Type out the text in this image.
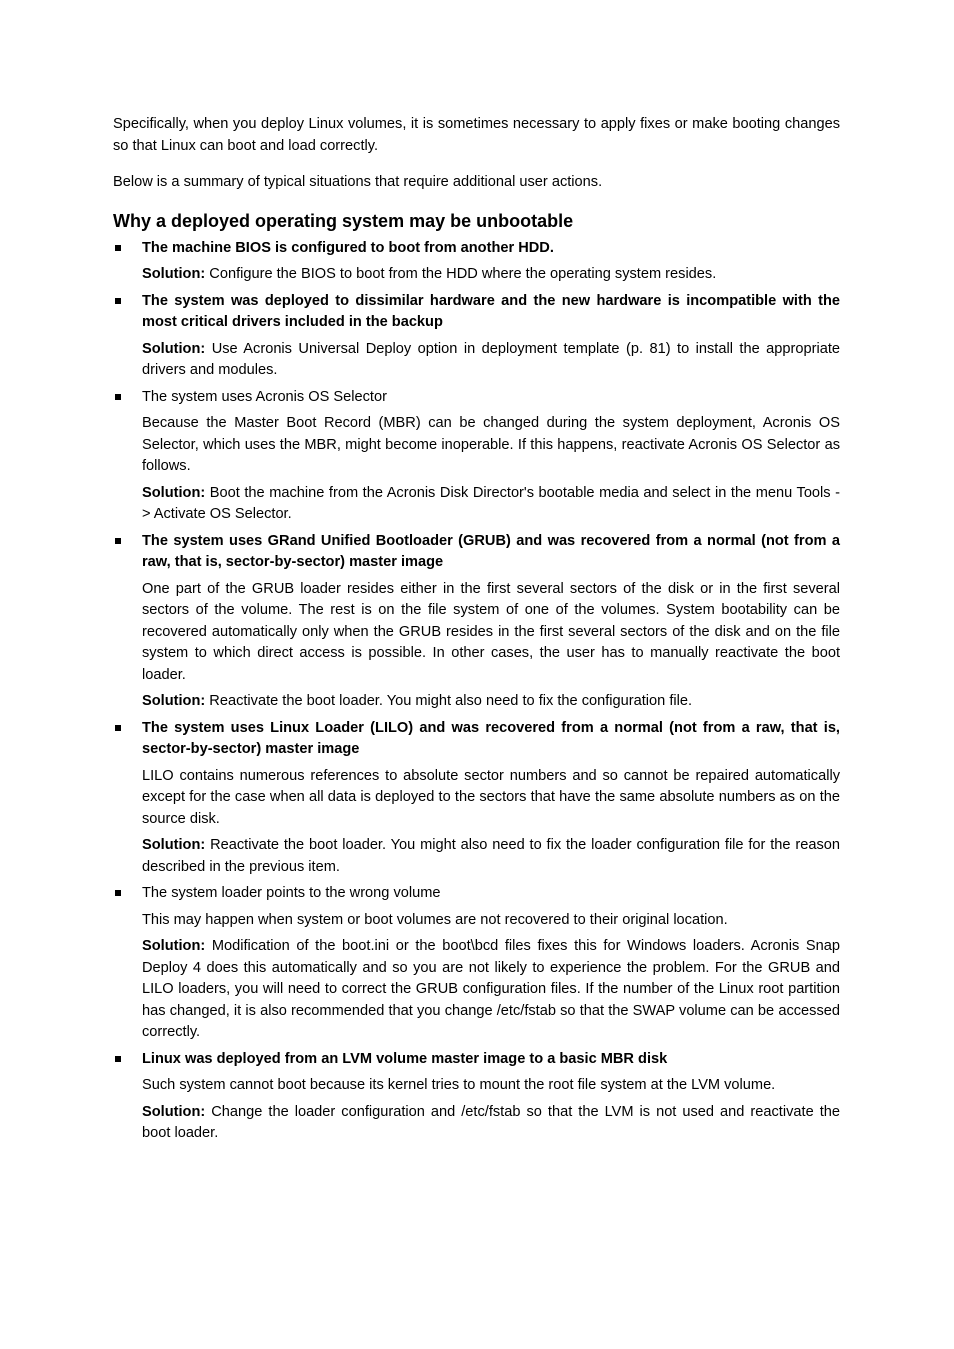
Specifically, when you deploy Linux volumes, it is sometimes necessary to apply fixes or make booting changes so that Linux can boot and load correctly.

Below is a summary of typical situations that require additional user actions.

Why a deployed operating system may be unbootable

The machine BIOS is configured to boot from another HDD.

Solution: Configure the BIOS to boot from the HDD where the operating system resides.

The system was deployed to dissimilar hardware and the new hardware is incompatible with the most critical drivers included in the backup

Solution: Use Acronis Universal Deploy option in deployment template (p. 81) to install the appropriate drivers and modules.

The system uses Acronis OS Selector

Because the Master Boot Record (MBR) can be changed during the system deployment, Acronis OS Selector, which uses the MBR, might become inoperable. If this happens, reactivate Acronis OS Selector as follows.

Solution: Boot the machine from the Acronis Disk Director's bootable media and select in the menu Tools -> Activate OS Selector.

The system uses GRand Unified Bootloader (GRUB) and was recovered from a normal (not from a raw, that is, sector-by-sector) master image

One part of the GRUB loader resides either in the first several sectors of the disk or in the first several sectors of the volume. The rest is on the file system of one of the volumes. System bootability can be recovered automatically only when the GRUB resides in the first several sectors of the disk and on the file system to which direct access is possible. In other cases, the user has to manually reactivate the boot loader.

Solution: Reactivate the boot loader. You might also need to fix the configuration file.

The system uses Linux Loader (LILO) and was recovered from a normal (not from a raw, that is, sector-by-sector) master image

LILO contains numerous references to absolute sector numbers and so cannot be repaired automatically except for the case when all data is deployed to the sectors that have the same absolute numbers as on the source disk.

Solution: Reactivate the boot loader. You might also need to fix the loader configuration file for the reason described in the previous item.

The system loader points to the wrong volume

This may happen when system or boot volumes are not recovered to their original location.

Solution: Modification of the boot.ini or the boot\bcd files fixes this for Windows loaders. Acronis Snap Deploy 4 does this automatically and so you are not likely to experience the problem. For the GRUB and LILO loaders, you will need to correct the GRUB configuration files. If the number of the Linux root partition has changed, it is also recommended that you change /etc/fstab so that the SWAP volume can be accessed correctly.

Linux was deployed from an LVM volume master image to a basic MBR disk

Such system cannot boot because its kernel tries to mount the root file system at the LVM volume.

Solution: Change the loader configuration and /etc/fstab so that the LVM is not used and reactivate the boot loader.
